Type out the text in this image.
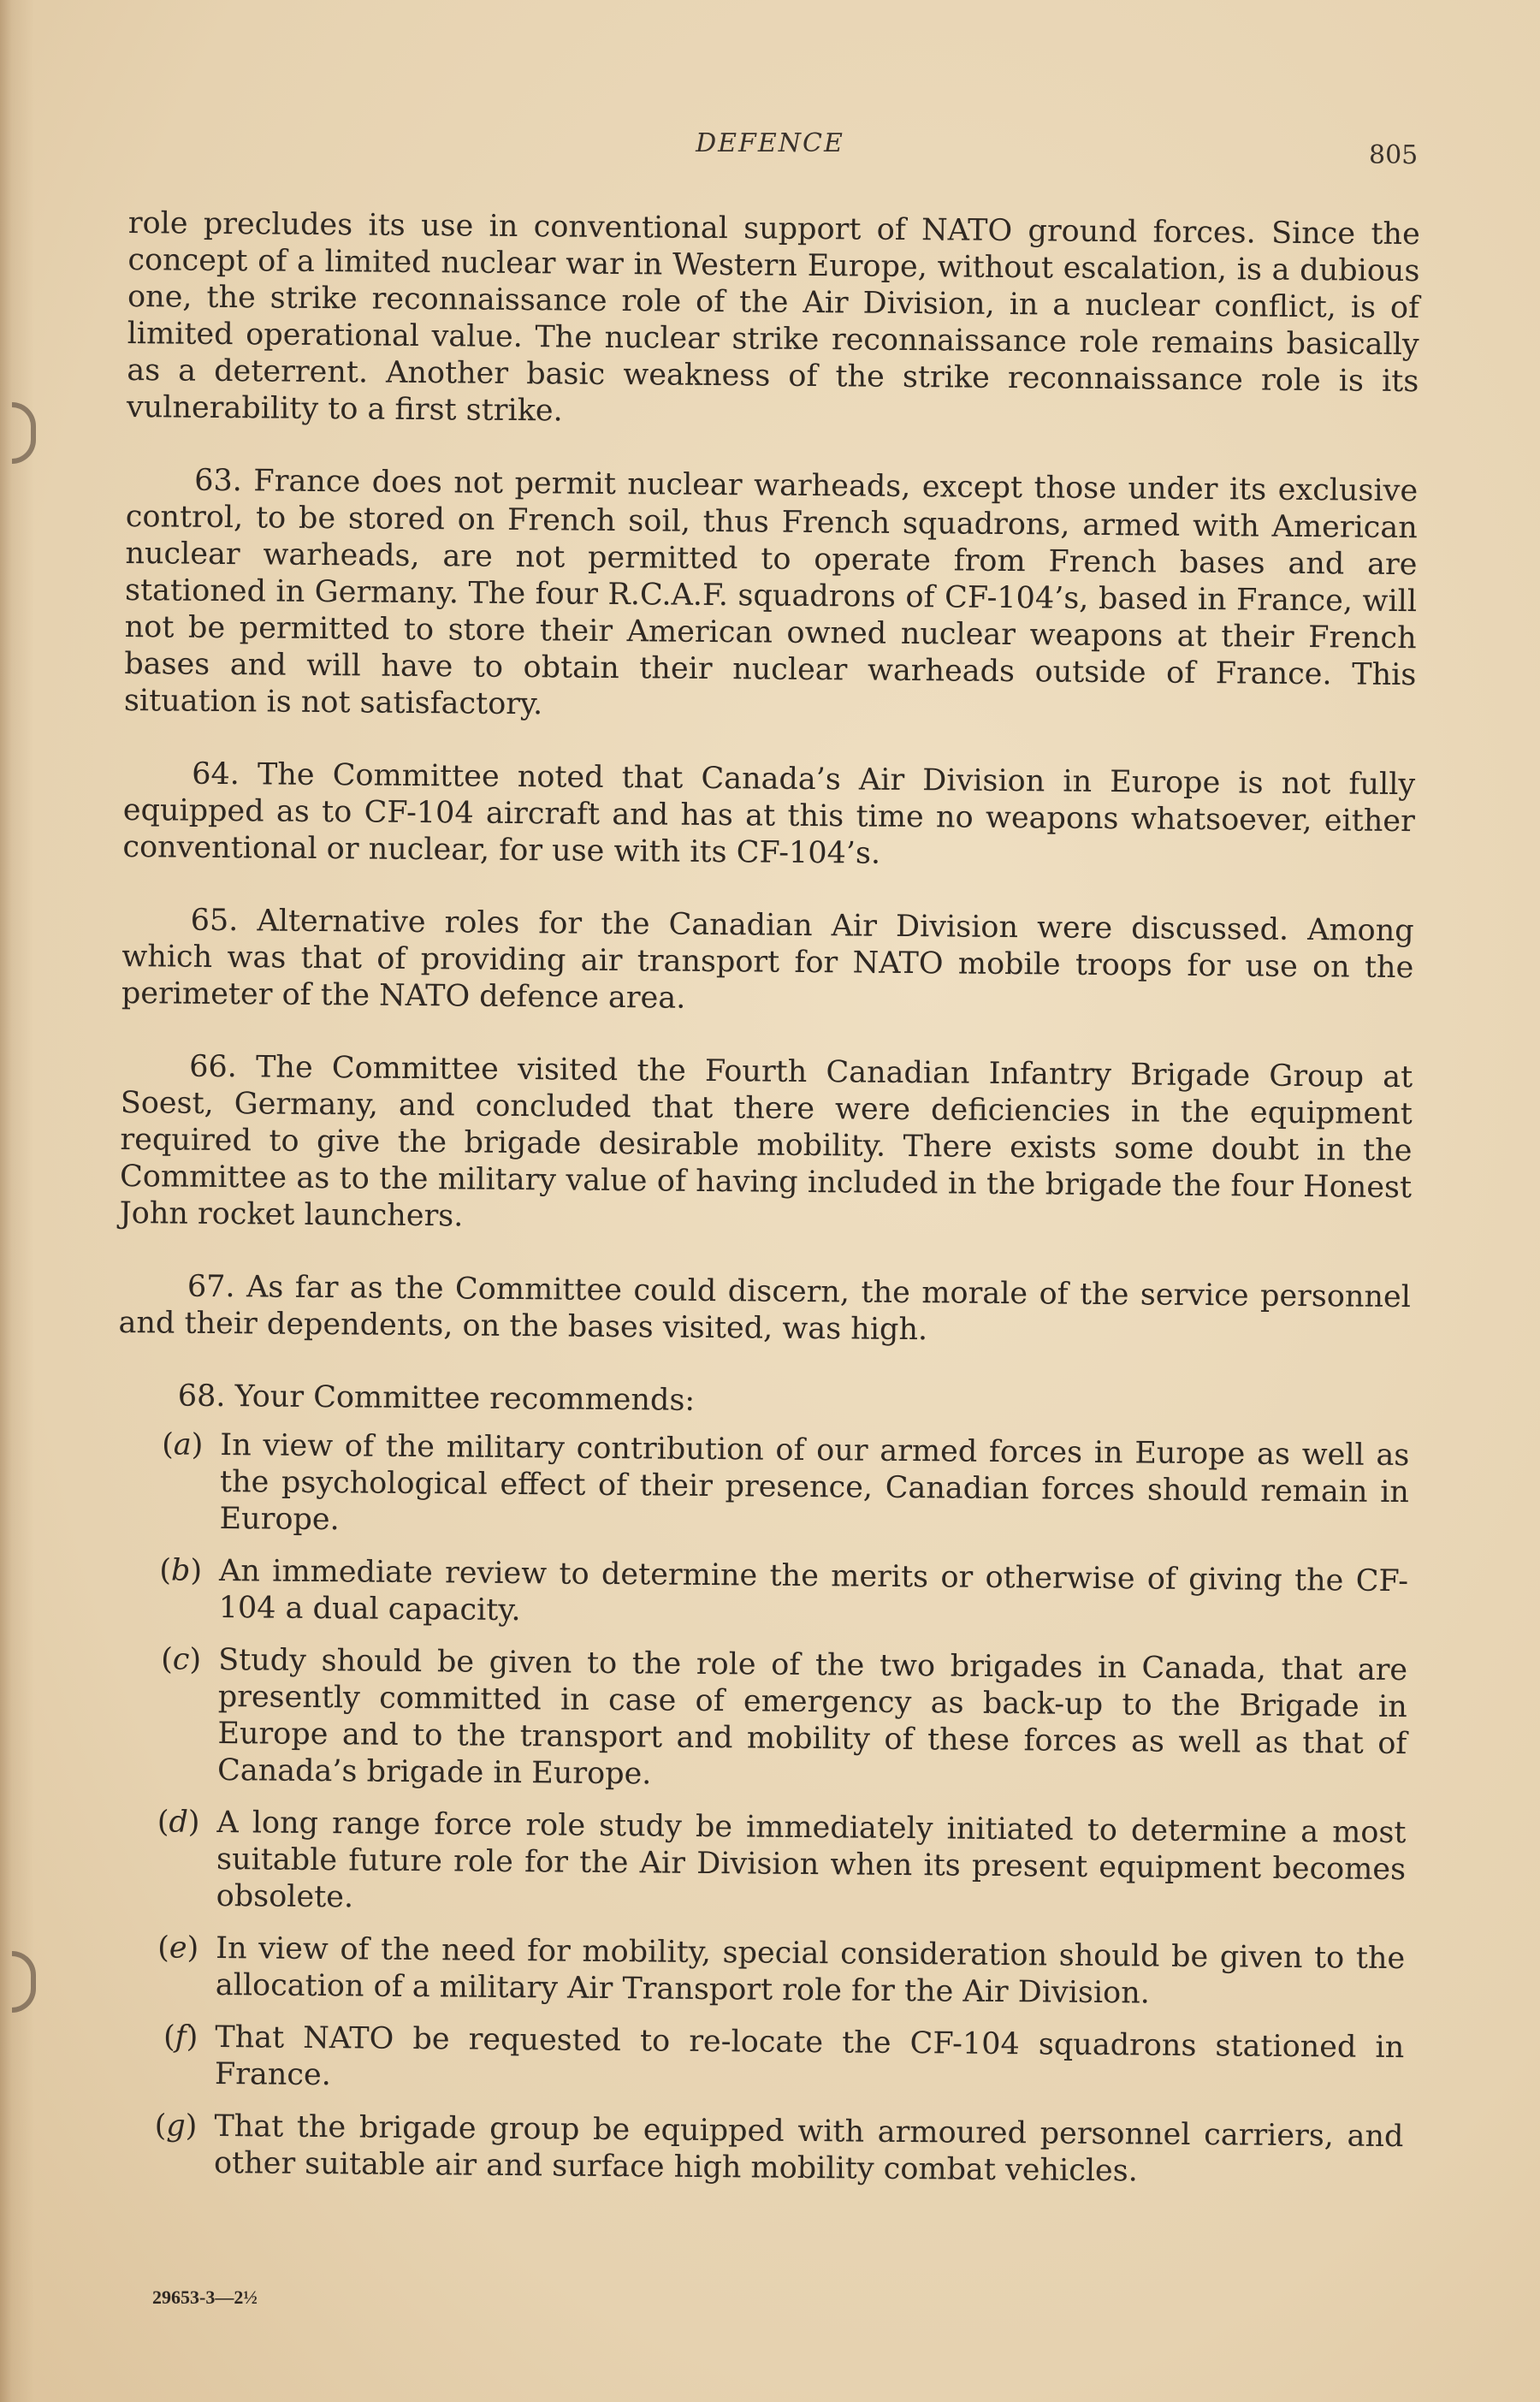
DEFENCE	805

role precludes its use in conventional support of NATO ground forces. Since the concept of a limited nuclear war in Western Europe, without escalation, is a dubious one, the strike reconnaissance role of the Air Division, in a nuclear conflict, is of limited operational value. The nuclear strike reconnaissance role remains basically as a deterrent. Another basic weakness of the strike reconnaissance role is its vulnerability to a first strike.

63. France does not permit nuclear warheads, except those under its exclusive control, to be stored on French soil, thus French squadrons, armed with American nuclear warheads, are not permitted to operate from French bases and are stationed in Germany. The four R.C.A.F. squadrons of CF-104’s, based in France, will not be permitted to store their American owned nuclear weapons at their French bases and will have to obtain their nuclear warheads outside of France. This situation is not satisfactory.

64. The Committee noted that Canada’s Air Division in Europe is not fully equipped as to CF-104 aircraft and has at this time no weapons whatsoever, either conventional or nuclear, for use with its CF-104’s.

65. Alternative roles for the Canadian Air Division were discussed. Among which was that of providing air transport for NATO mobile troops for use on the perimeter of the NATO defence area.

66. The Committee visited the Fourth Canadian Infantry Brigade Group at Soest, Germany, and concluded that there were deficiencies in the equipment required to give the brigade desirable mobility. There exists some doubt in the Committee as to the military value of having included in the brigade the four Honest John rocket launchers.

67. As far as the Committee could discern, the morale of the service personnel and their dependents, on the bases visited, was high.

68. Your Committee recommends:

(a) In view of the military contribution of our armed forces in Europe as well as the psychological effect of their presence, Canadian forces should remain in Europe.
(b) An immediate review to determine the merits or otherwise of giving the CF-104 a dual capacity.
(c) Study should be given to the role of the two brigades in Canada, that are presently committed in case of emergency as back-up to the Brigade in Europe and to the transport and mobility of these forces as well as that of Canada’s brigade in Europe.
(d) A long range force role study be immediately initiated to determine a most suitable future role for the Air Division when its present equipment becomes obsolete.
(e) In view of the need for mobility, special consideration should be given to the allocation of a military Air Transport role for the Air Division.
(f) That NATO be requested to re-locate the CF-104 squadrons stationed in France.
(g) That the brigade group be equipped with armoured personnel carriers, and other suitable air and surface high mobility combat vehicles.
29653-3—2½
